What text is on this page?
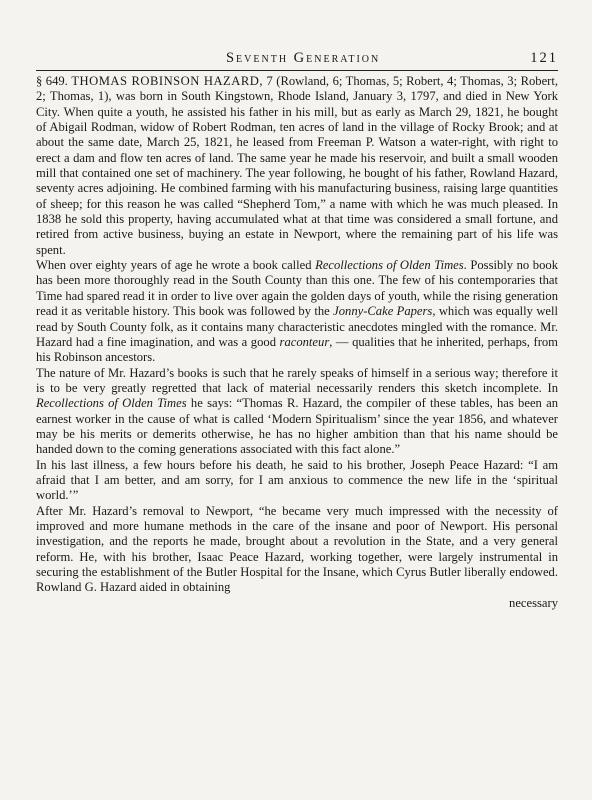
Seventh Generation	121

§ 649. THOMAS ROBINSON HAZARD, 7 (Rowland, 6; Thomas, 5; Robert, 4; Thomas, 3; Robert, 2; Thomas, 1), was born in South Kingstown, Rhode Island, January 3, 1797, and died in New York City. When quite a youth, he assisted his father in his mill, but as early as March 29, 1821, he bought of Abigail Rodman, widow of Robert Rodman, ten acres of land in the village of Rocky Brook; and at about the same date, March 25, 1821, he leased from Freeman P. Watson a water-right, with right to erect a dam and flow ten acres of land. The same year he made his reservoir, and built a small wooden mill that contained one set of machinery. The year following, he bought of his father, Rowland Hazard, seventy acres adjoining. He combined farming with his manufacturing business, raising large quantities of sheep; for this reason he was called “Shepherd Tom,” a name with which he was much pleased. In 1838 he sold this property, having accumulated what at that time was considered a small fortune, and retired from active business, buying an estate in Newport, where the remaining part of his life was spent.

When over eighty years of age he wrote a book called Recollections of Olden Times. Possibly no book has been more thoroughly read in the South County than this one. The few of his contemporaries that Time had spared read it in order to live over again the golden days of youth, while the rising generation read it as veritable history. This book was followed by the Jonny-Cake Papers, which was equally well read by South County folk, as it contains many characteristic anecdotes mingled with the romance. Mr. Hazard had a fine imagination, and was a good raconteur, — qualities that he inherited, perhaps, from his Robinson ancestors.

The nature of Mr. Hazard’s books is such that he rarely speaks of himself in a serious way; therefore it is to be very greatly regretted that lack of material necessarily renders this sketch incomplete. In Recollections of Olden Times he says: “Thomas R. Hazard, the compiler of these tables, has been an earnest worker in the cause of what is called ‘Modern Spiritualism’ since the year 1856, and whatever may be his merits or demerits otherwise, he has no higher ambition than that his name should be handed down to the coming generations associated with this fact alone.”

In his last illness, a few hours before his death, he said to his brother, Joseph Peace Hazard: “I am afraid that I am better, and am sorry, for I am anxious to commence the new life in the ‘spiritual world.’”

After Mr. Hazard’s removal to Newport, “he became very much impressed with the necessity of improved and more humane methods in the care of the insane and poor of Newport. His personal investigation, and the reports he made, brought about a revolution in the State, and a very general reform. He, with his brother, Isaac Peace Hazard, working together, were largely instrumental in securing the establishment of the Butler Hospital for the Insane, which Cyrus Butler liberally endowed. Rowland G. Hazard aided in obtaining

necessary
